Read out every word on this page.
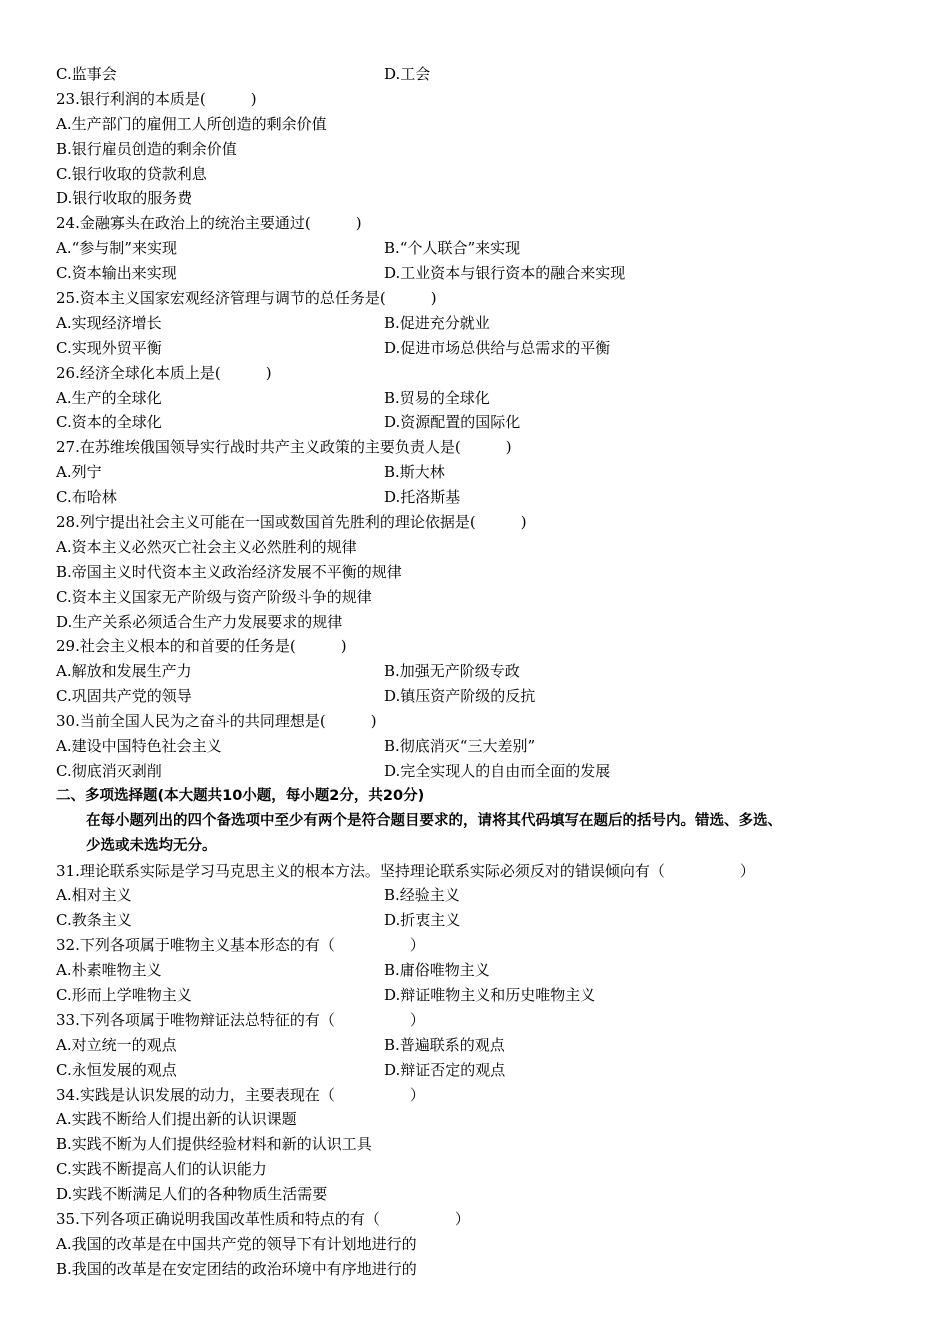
C.监事会	D.工会
23.银行利润的本质是(　　　)
A.生产部门的雇佣工人所创造的剩余价值
B.银行雇员创造的剩余价值
C.银行收取的贷款利息
D.银行收取的服务费
24.金融寡头在政治上的统治主要通过(　　　)
A.“参与制”来实现	B.“个人联合”来实现
C.资本输出来实现	D.工业资本与银行资本的融合来实现
25.资本主义国家宏观经济管理与调节的总任务是(　　　)
A.实现经济增长	B.促进充分就业
C.实现外贸平衡	D.促进市场总供给与总需求的平衡
26.经济全球化本质上是(　　　)
A.生产的全球化	B.贸易的全球化
C.资本的全球化	D.资源配置的国际化
27.在苏维埃俄国领导实行战时共产主义政策的主要负责人是(　　　)
A.列宁	B.斯大林
C.布哈林	D.托洛斯基
28.列宁提出社会主义可能在一国或数国首先胜利的理论依据是(　　　)
A.资本主义必然灭亡社会主义必然胜利的规律
B.帝国主义时代资本主义政治经济发展不平衡的规律
C.资本主义国家无产阶级与资产阶级斗争的规律
D.生产关系必须适合生产力发展要求的规律
29.社会主义根本的和首要的任务是(　　　)
A.解放和发展生产力	B.加强无产阶级专政
C.巩固共产党的领导	D.镇压资产阶级的反抗
30.当前全国人民为之奋斗的共同理想是(　　　)
A.建设中国特色社会主义	B.彻底消灭“三大差别”
C.彻底消灭剥削	D.完全实现人的自由而全面的发展
二、多项选择题(本大题共10小题，每小题2分，共20分)
在每小题列出的四个备选项中至少有两个是符合题目要求的，请将其代码填写在题后的括号内。错选、多选、
少选或未选均无分。
31.理论联系实际是学习马克思主义的根本方法。坚持理论联系实际必须反对的错误倾向有（　　　　　）
A.相对主义	B.经验主义
C.教条主义	D.折衷主义
32.下列各项属于唯物主义基本形态的有（　　　　　）
A.朴素唯物主义	B.庸俗唯物主义
C.形而上学唯物主义	D.辩证唯物主义和历史唯物主义
33.下列各项属于唯物辩证法总特征的有（　　　　　）
A.对立统一的观点	B.普遍联系的观点
C.永恒发展的观点	D.辩证否定的观点
34.实践是认识发展的动力，主要表现在（　　　　　）
A.实践不断给人们提出新的认识课题
B.实践不断为人们提供经验材料和新的认识工具
C.实践不断提高人们的认识能力
D.实践不断满足人们的各种物质生活需要
35.下列各项正确说明我国改革性质和特点的有（　　　　　）
A.我国的改革是在中国共产党的领导下有计划地进行的
B.我国的改革是在安定团结的政治环境中有序地进行的
